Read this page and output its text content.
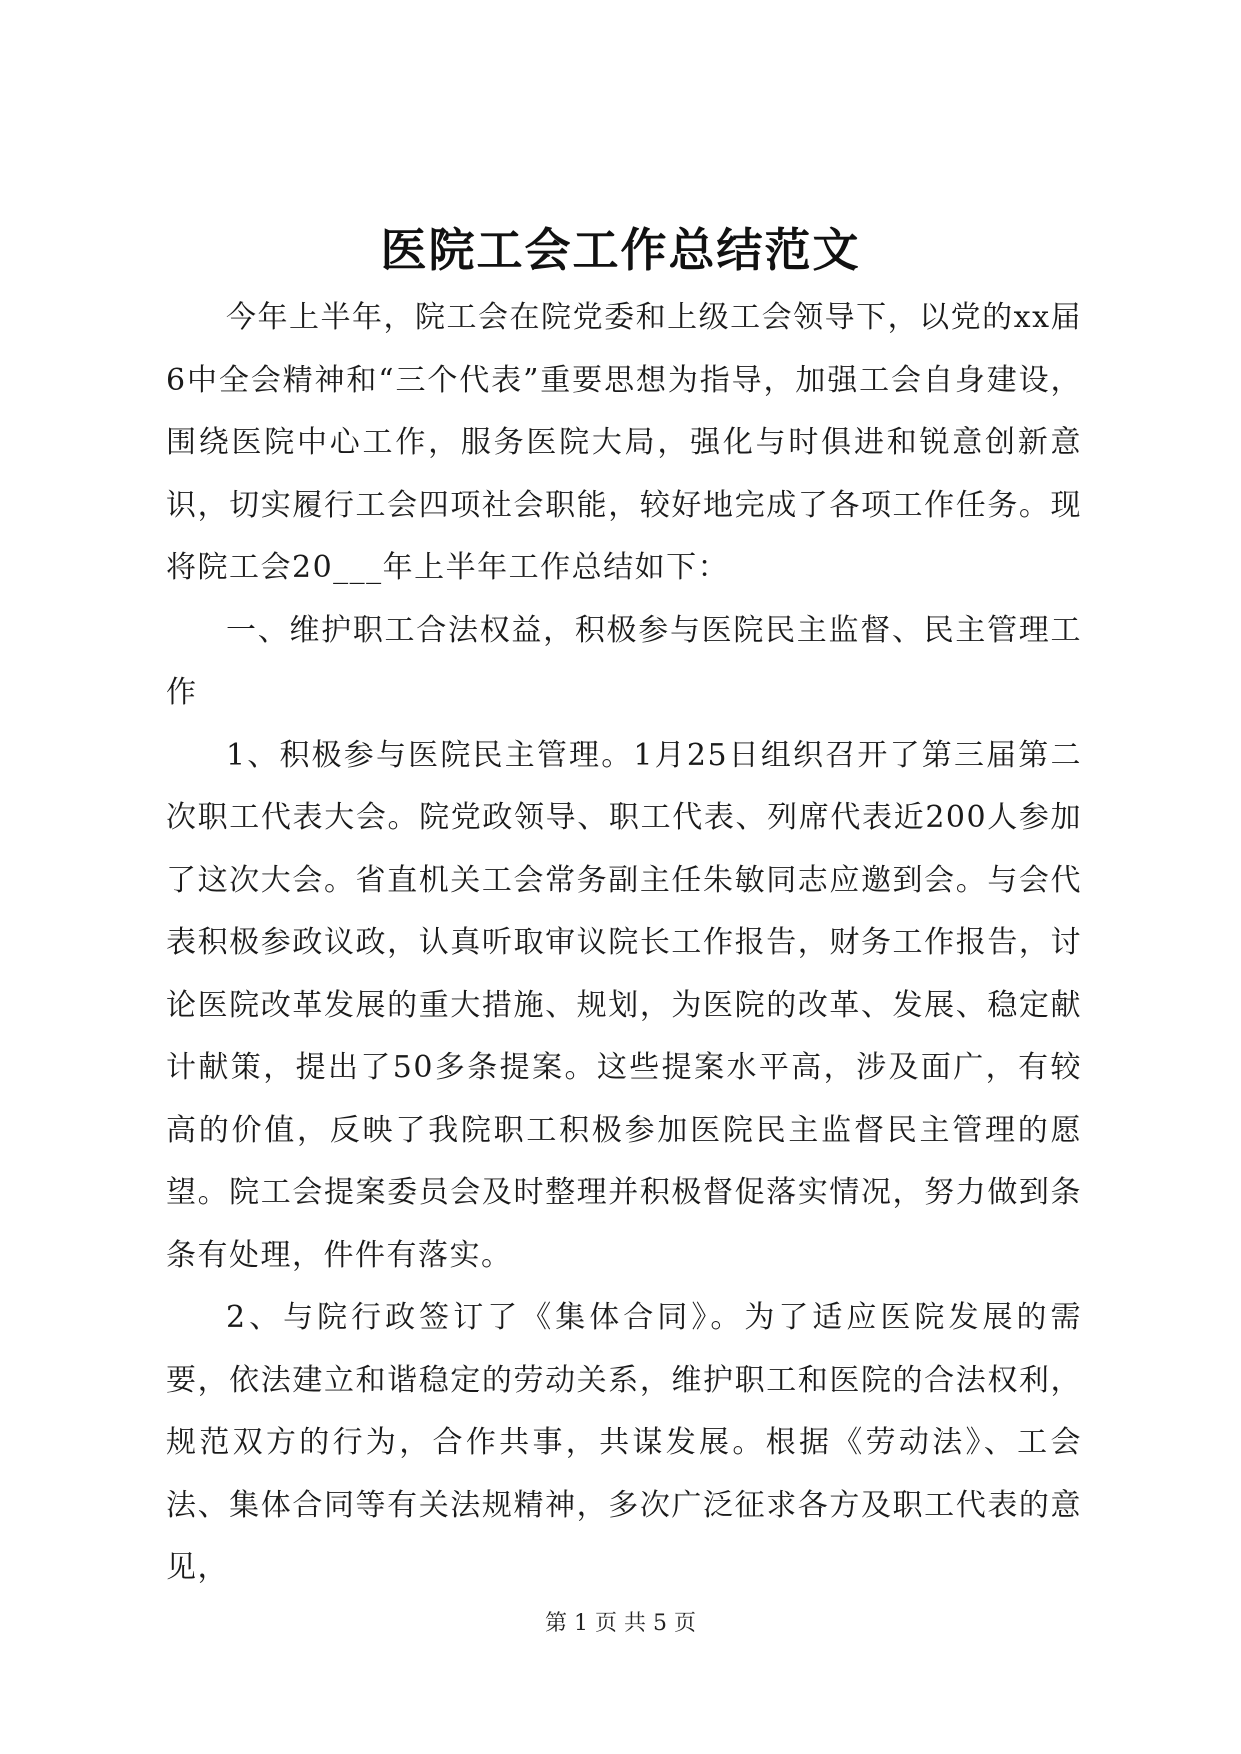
医院工会工作总结范文

今年上半年，院工会在院党委和上级工会领导下，以党的xx届6中全会精神和“三个代表”重要思想为指导，加强工会自身建设，围绕医院中心工作，服务医院大局，强化与时俱进和锐意创新意识，切实履行工会四项社会职能，较好地完成了各项工作任务。现将院工会20___年上半年工作总结如下：

一、维护职工合法权益，积极参与医院民主监督、民主管理工作

1、积极参与医院民主管理。1月25日组织召开了第三届第二次职工代表大会。院党政领导、职工代表、列席代表近200人参加了这次大会。省直机关工会常务副主任朱敏同志应邀到会。与会代表积极参政议政，认真听取审议院长工作报告，财务工作报告，讨论医院改革发展的重大措施、规划，为医院的改革、发展、稳定献计献策，提出了50多条提案。这些提案水平高，涉及面广，有较高的价值，反映了我院职工积极参加医院民主监督民主管理的愿望。院工会提案委员会及时整理并积极督促落实情况，努力做到条条有处理，件件有落实。

2、与院行政签订了《集体合同》。为了适应医院发展的需要，依法建立和谐稳定的劳动关系，维护职工和医院的合法权利，规范双方的行为，合作共事，共谋发展。根据《劳动法》、工会法、集体合同等有关法规精神，多次广泛征求各方及职工代表的意见，

第 1 页 共 5 页
